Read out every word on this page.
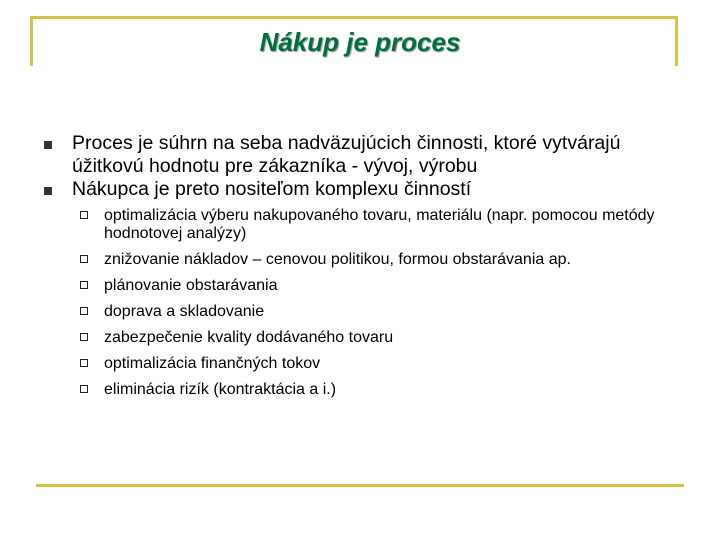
Nákup je proces
Proces je súhrn na seba nadväzujúcich činnosti, ktoré vytvárajú úžitkovú hodnotu pre zákazníka - vývoj, výrobu
Nákupca je preto nositeľom komplexu činností
optimalizácia výberu nakupovaného tovaru, materiálu (napr. pomocou metódy hodnotovej analýzy)
znižovanie nákladov – cenovou politikou, formou obstarávania ap.
plánovanie obstarávania
doprava a skladovanie
zabezpečenie kvality dodávaného tovaru
optimalizácia finančných tokov
eliminácia rizík (kontraktácia a i.)
